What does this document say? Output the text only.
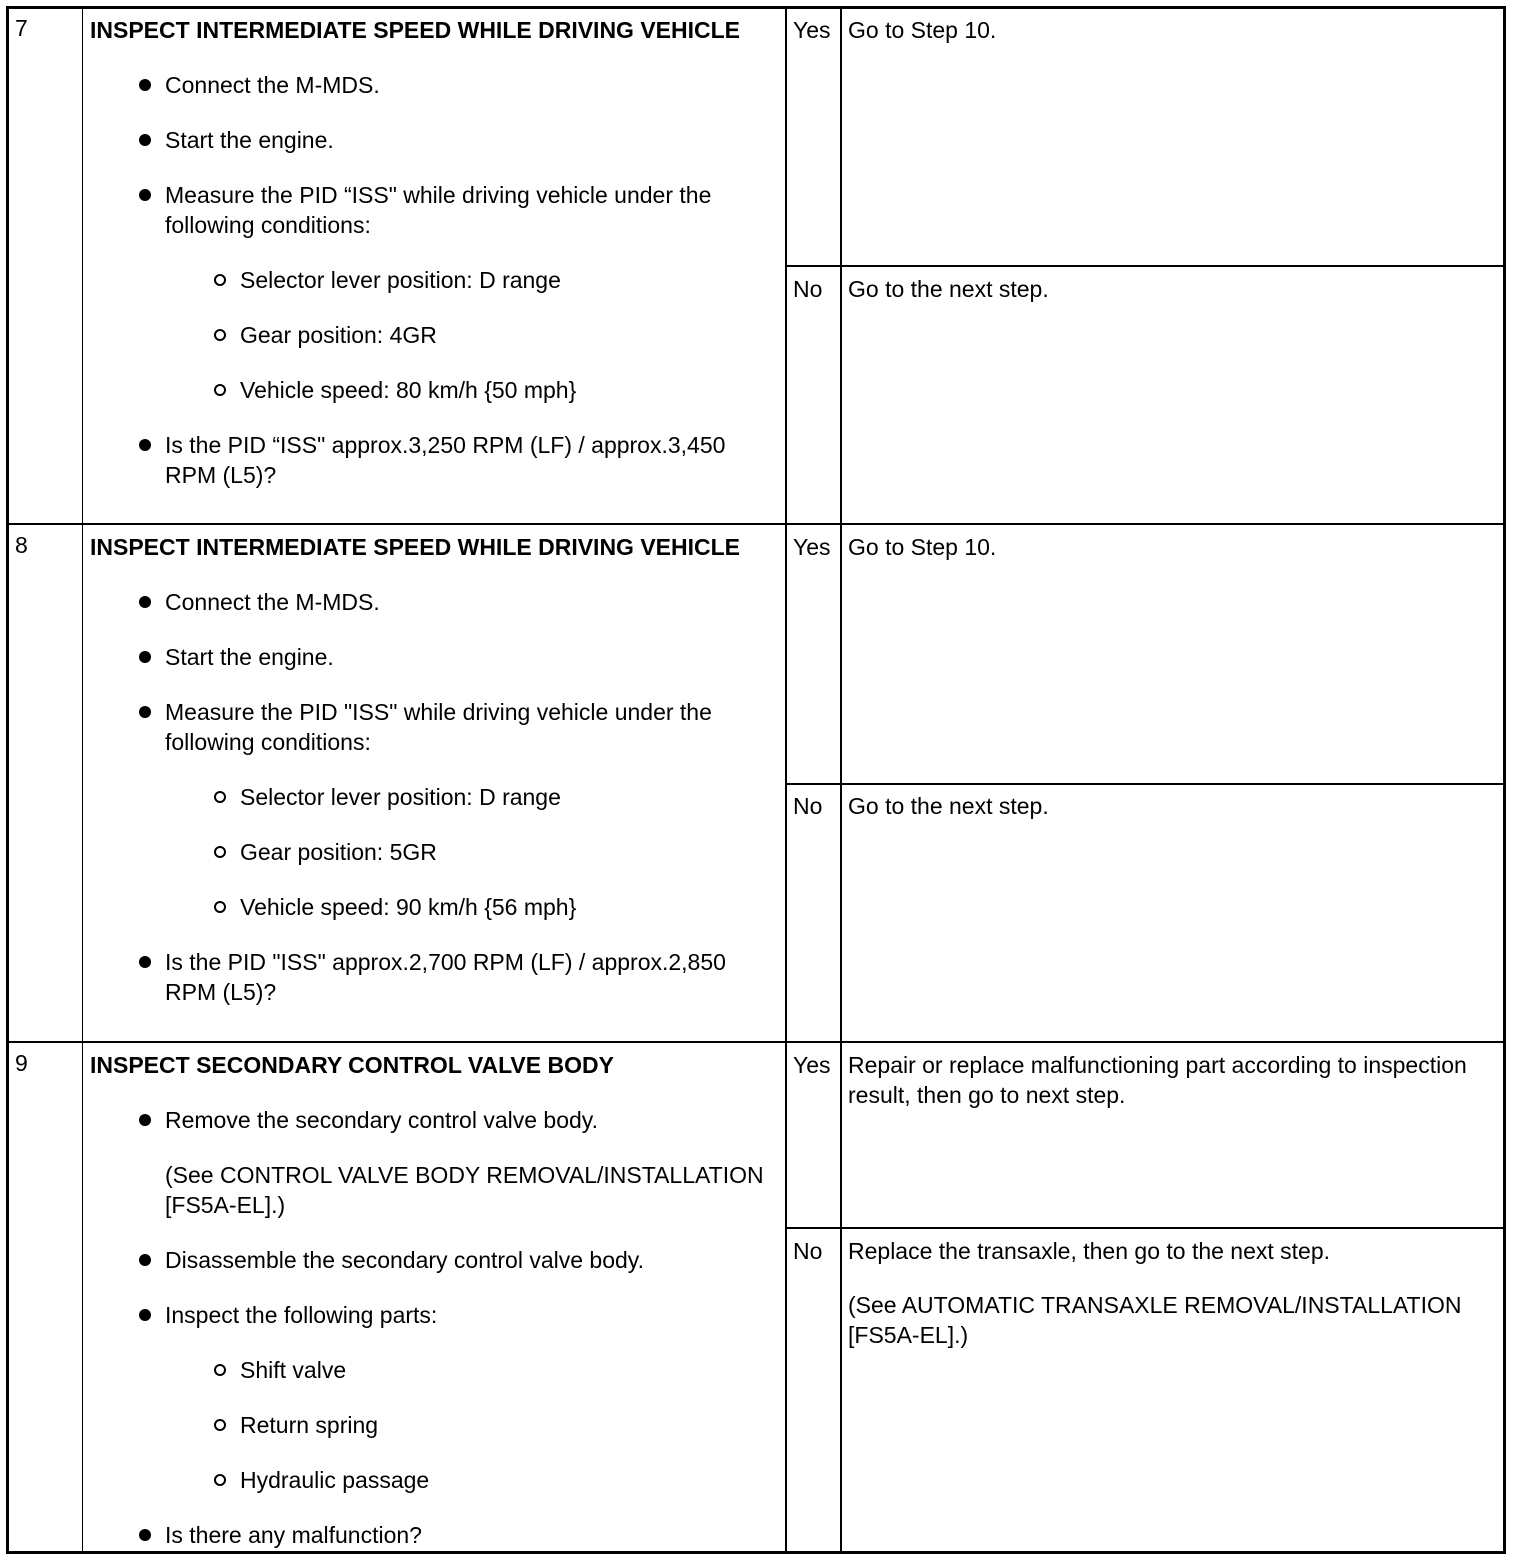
7	INSPECT INTERMEDIATE SPEED WHILE DRIVING VEHICLE
Connect the M-MDS.
Start the engine.
Measure the PID “ISS" while driving vehicle under the following conditions:
Selector lever position: D range
Gear position: 4GR
Vehicle speed: 80 km/h {50 mph}
Is the PID “ISS" approx.3,250 RPM (LF) / approx.3,450 RPM (L5)?
Yes Go to Step 10.
No Go to the next step.
8	INSPECT INTERMEDIATE SPEED WHILE DRIVING VEHICLE
Connect the M-MDS.
Start the engine.
Measure the PID "ISS" while driving vehicle under the following conditions:
Selector lever position: D range
Gear position: 5GR
Vehicle speed: 90 km/h {56 mph}
Is the PID "ISS" approx.2,700 RPM (LF) / approx.2,850 RPM (L5)?
Yes Go to Step 10.
No Go to the next step.
9	INSPECT SECONDARY CONTROL VALVE BODY
Remove the secondary control valve body.
(See CONTROL VALVE BODY REMOVAL/INSTALLATION [FS5A-EL].)
Disassemble the secondary control valve body.
Inspect the following parts:
Shift valve
Return spring
Hydraulic passage
Is there any malfunction?
Yes Repair or replace malfunctioning part according to inspection result, then go to next step.
No Replace the transaxle, then go to the next step.
(See AUTOMATIC TRANSAXLE REMOVAL/INSTALLATION [FS5A-EL].)
